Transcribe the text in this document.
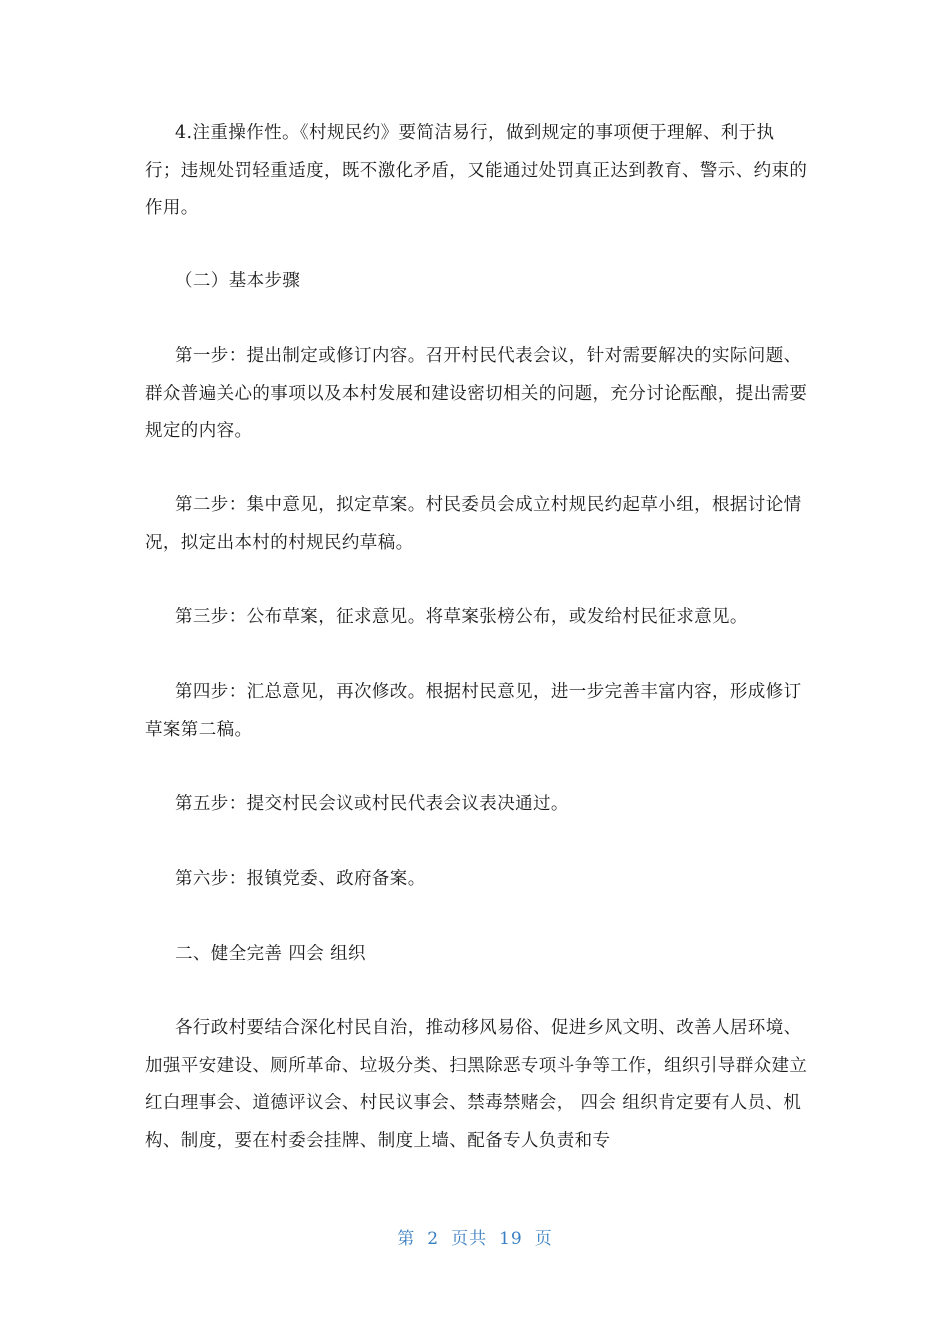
4.注重操作性。《村规民约》要简洁易行，做到规定的事项便于理解、利于执行；违规处罚轻重适度，既不激化矛盾，又能通过处罚真正达到教育、警示、约束的作用。

（二）基本步骤

第一步：提出制定或修订内容。召开村民代表会议，针对需要解决的实际问题、群众普遍关心的事项以及本村发展和建设密切相关的问题，充分讨论酝酿，提出需要规定的内容。

第二步：集中意见，拟定草案。村民委员会成立村规民约起草小组，根据讨论情况，拟定出本村的村规民约草稿。

第三步：公布草案，征求意见。将草案张榜公布，或发给村民征求意见。

第四步：汇总意见，再次修改。根据村民意见，进一步完善丰富内容，形成修订草案第二稿。

第五步：提交村民会议或村民代表会议表决通过。

第六步：报镇党委、政府备案。

二、健全完善 四会 组织

各行政村要结合深化村民自治，推动移风易俗、促进乡风文明、改善人居环境、加强平安建设、厕所革命、垃圾分类、扫黑除恶专项斗争等工作，组织引导群众建立红白理事会、道德评议会、村民议事会、禁毒禁赌会， 四会 组织肯定要有人员、机构、制度，要在村委会挂牌、制度上墙、配备专人负责和专

第 2 页共 19 页
